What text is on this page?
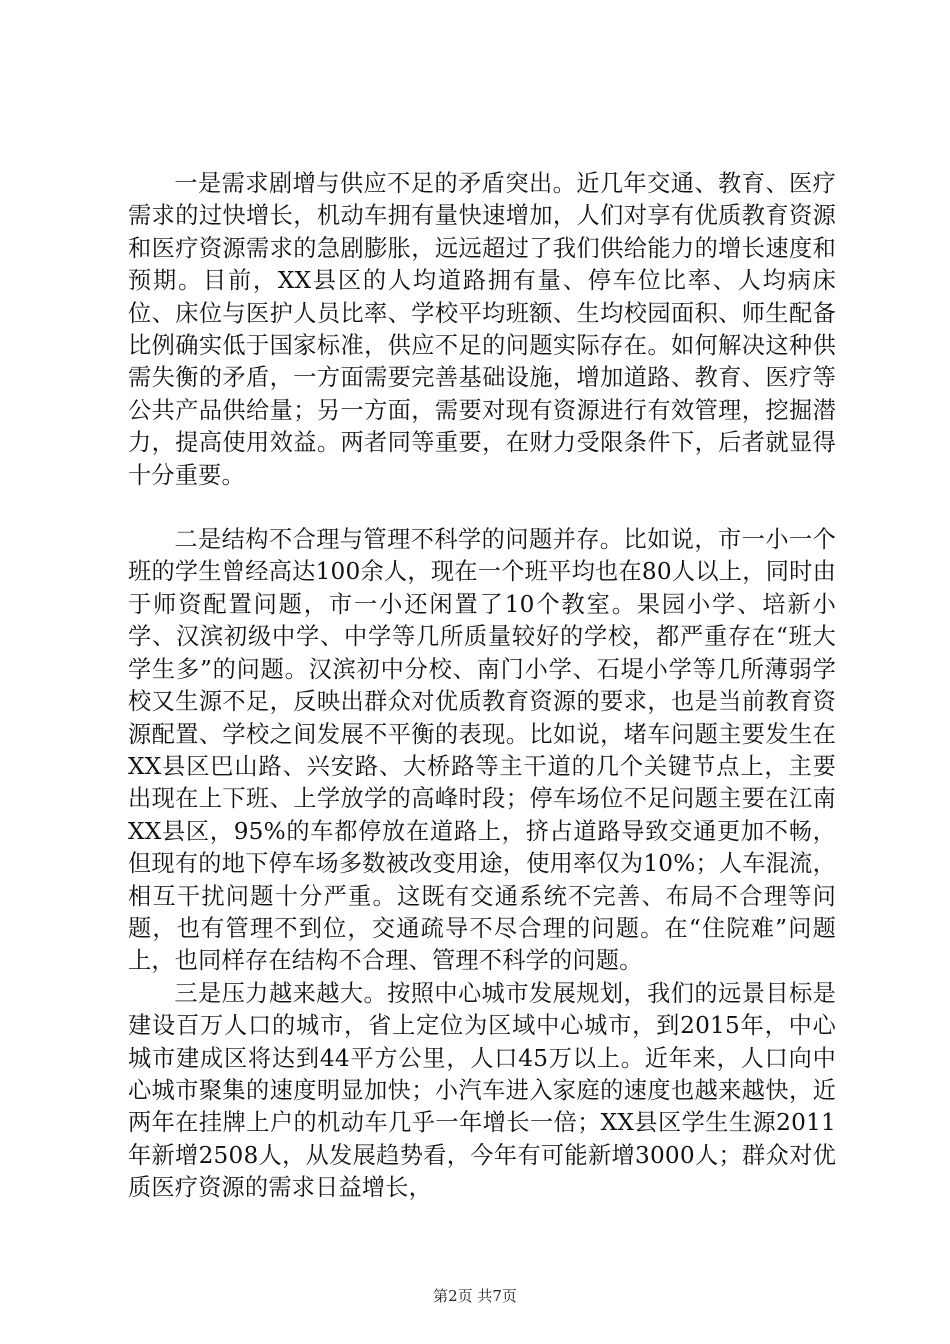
一是需求剧增与供应不足的矛盾突出。近几年交通、教育、医疗需求的过快增长，机动车拥有量快速增加，人们对享有优质教育资源和医疗资源需求的急剧膨胀，远远超过了我们供给能力的增长速度和预期。目前，XX县区的人均道路拥有量、停车位比率、人均病床位、床位与医护人员比率、学校平均班额、生均校园面积、师生配备比例确实低于国家标准，供应不足的问题实际存在。如何解决这种供需失衡的矛盾，一方面需要完善基础设施，增加道路、教育、医疗等公共产品供给量；另一方面，需要对现有资源进行有效管理，挖掘潜力，提高使用效益。两者同等重要，在财力受限条件下，后者就显得十分重要。

二是结构不合理与管理不科学的问题并存。比如说，市一小一个班的学生曾经高达100余人，现在一个班平均也在80人以上，同时由于师资配置问题，市一小还闲置了10个教室。果园小学、培新小学、汉滨初级中学、中学等几所质量较好的学校，都严重存在“班大学生多”的问题。汉滨初中分校、南门小学、石堤小学等几所薄弱学校又生源不足，反映出群众对优质教育资源的要求，也是当前教育资源配置、学校之间发展不平衡的表现。比如说，堵车问题主要发生在XX县区巴山路、兴安路、大桥路等主干道的几个关键节点上，主要出现在上下班、上学放学的高峰时段；停车场位不足问题主要在江南XX县区，95%的车都停放在道路上，挤占道路导致交通更加不畅，但现有的地下停车场多数被改变用途，使用率仅为10%；人车混流，相互干扰问题十分严重。这既有交通系统不完善、布局不合理等问题，也有管理不到位，交通疏导不尽合理的问题。在“住院难”问题上，也同样存在结构不合理、管理不科学的问题。

三是压力越来越大。按照中心城市发展规划，我们的远景目标是建设百万人口的城市，省上定位为区域中心城市，到2015年，中心城市建成区将达到44平方公里，人口45万以上。近年来，人口向中心城市聚集的速度明显加快；小汽车进入家庭的速度也越来越快，近两年在挂牌上户的机动车几乎一年增长一倍；XX县区学生生源2011年新增2508人，从发展趋势看，今年有可能新增3000人；群众对优质医疗资源的需求日益增长，

第2页 共7页
